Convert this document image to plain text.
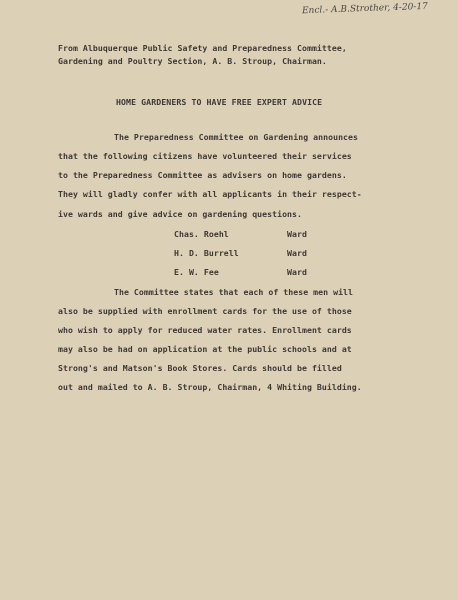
Encl.- A.B.Strother, 4-20-17
From Albuquerque Public Safety and Preparedness Committee,
Gardening and Poultry Section, A. B. Stroup, Chairman.
HOME GARDENERS TO HAVE FREE EXPERT ADVICE
The Preparedness Committee on Gardening announces
that the following citizens have volunteered their services
to the Preparedness Committee as advisers on home gardens.
They will gladly confer with all applicants in their respect-
ive wards and give advice on gardening questions.
Chas. Roehl	Ward
H. D. Burrell	Ward
E. W. Fee	Ward
The Committee states that each of these men will
also be supplied with enrollment cards for the use of those
who wish to apply for reduced water rates. Enrollment cards
may also be had on application at the public schools and at
Strong's and Matson's Book Stores. Cards should be filled
out and mailed to A. B. Stroup, Chairman, 4 Whiting Building.
